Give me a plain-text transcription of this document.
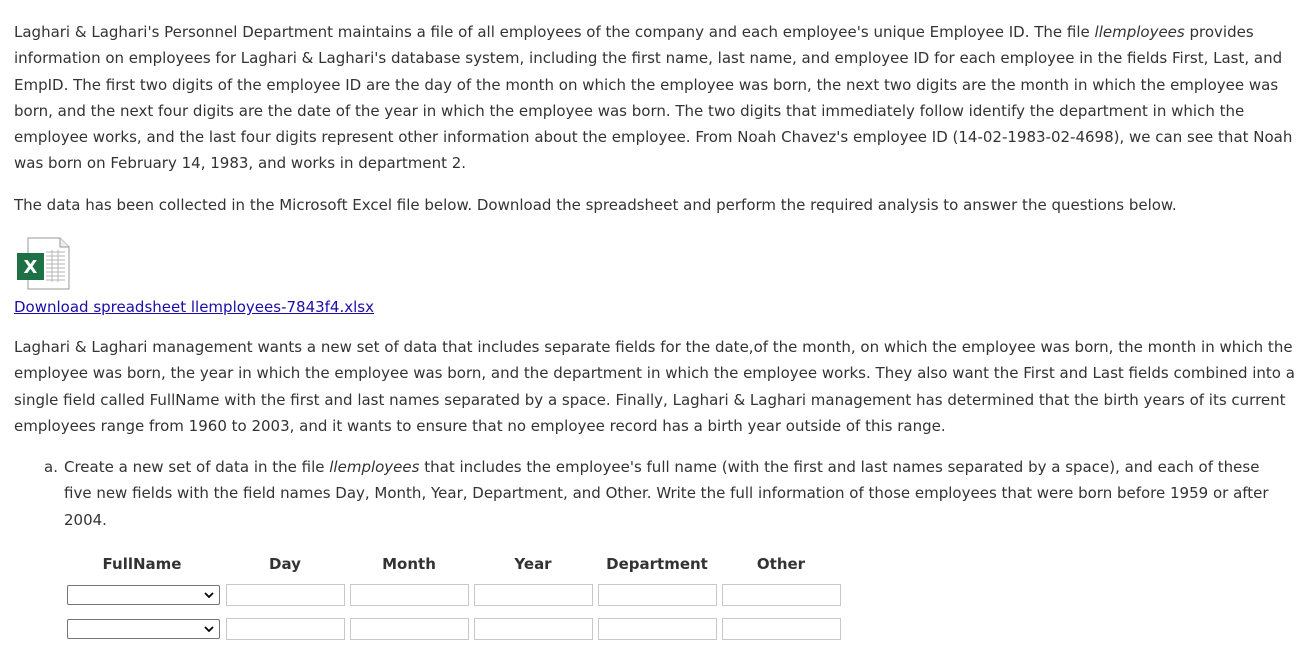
Laghari & Laghari's Personnel Department maintains a file of all employees of the company and each employee's unique Employee ID. The file llemployees provides information on employees for Laghari & Laghari's database system, including the first name, last name, and employee ID for each employee in the fields First, Last, and EmpID. The first two digits of the employee ID are the day of the month on which the employee was born, the next two digits are the month in which the employee was born, and the next four digits are the date of the year in which the employee was born. The two digits that immediately follow identify the department in which the employee works, and the last four digits represent other information about the employee. From Noah Chavez's employee ID (14-02-1983-02-4698), we can see that Noah was born on February 14, 1983, and works in department 2.

The data has been collected in the Microsoft Excel file below. Download the spreadsheet and perform the required analysis to answer the questions below.

X
Download spreadsheet llemployees-7843f4.xlsx

Laghari & Laghari management wants a new set of data that includes separate fields for the date,of the month, on which the employee was born, the month in which the employee was born, the year in which the employee was born, and the department in which the employee works. They also want the First and Last fields combined into a single field called FullName with the first and last names separated by a space. Finally, Laghari & Laghari management has determined that the birth years of its current employees range from 1960 to 2003, and it wants to ensure that no employee record has a birth year outside of this range.

a. Create a new set of data in the file llemployees that includes the employee's full name (with the first and last names separated by a space), and each of these five new fields with the field names Day, Month, Year, Department, and Other. Write the full information of those employees that were born before 1959 or after 2004.

FullName	Day	Month	Year	Department	Other
